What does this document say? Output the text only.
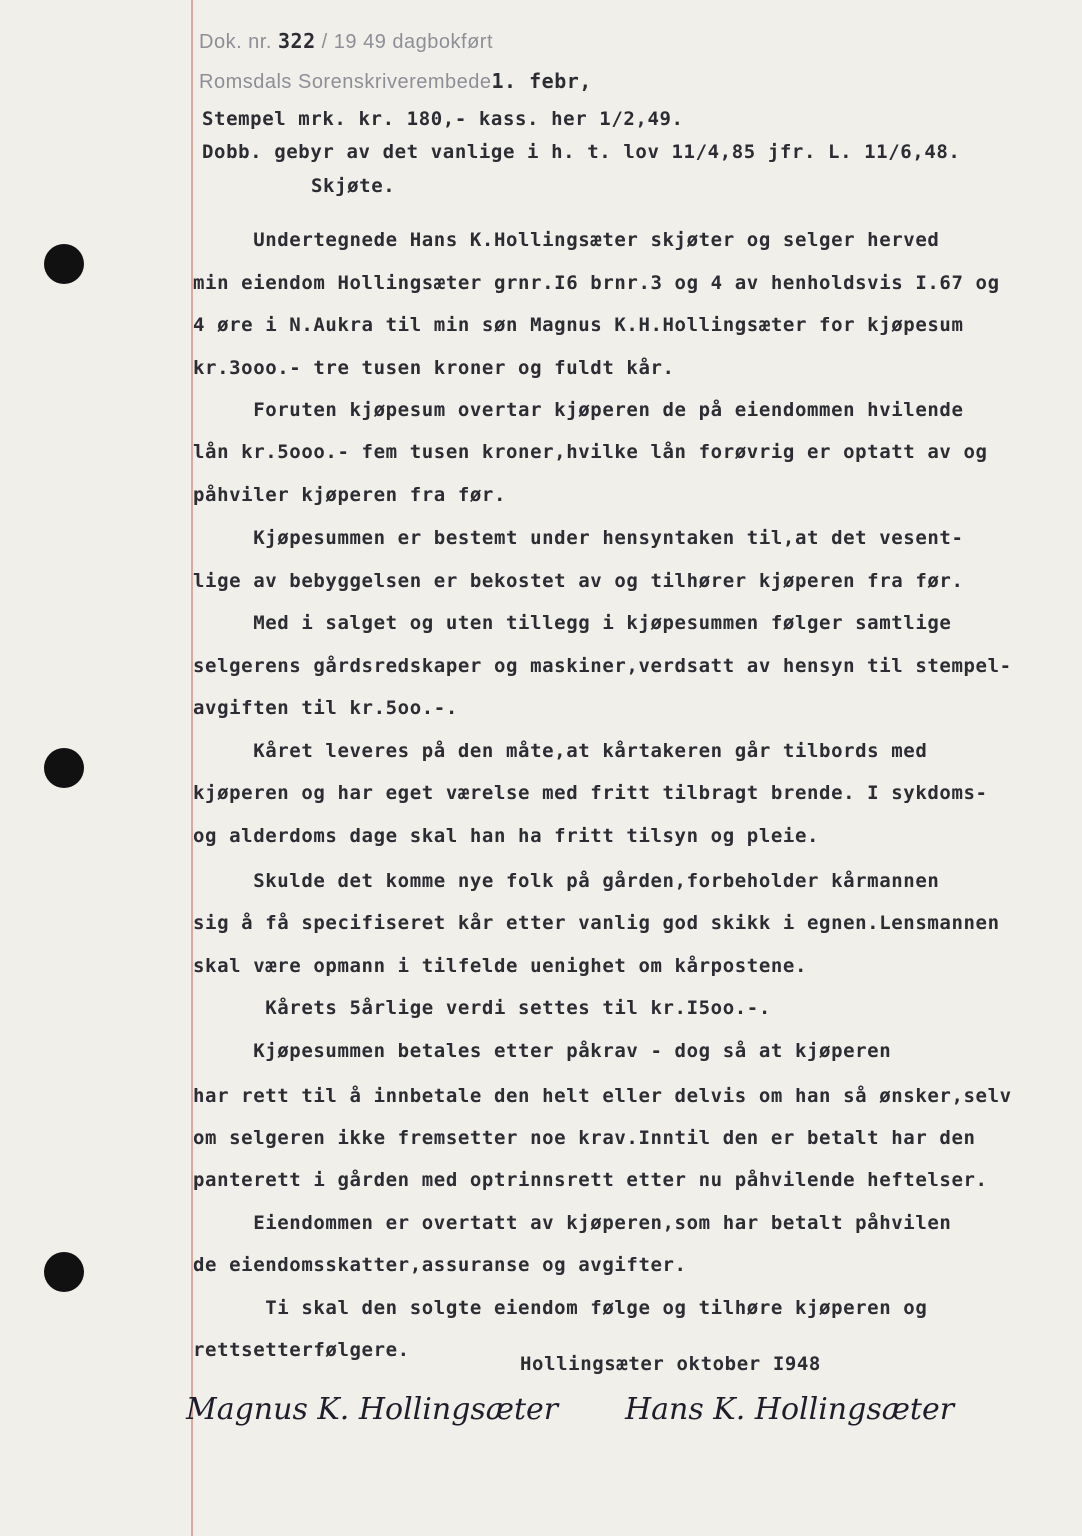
Dok. nr. 322 / 19 49 dagbokført
Romsdals Sorenskriverembede1. febr,
Stempel mrk. kr. 180,- kass. her 1/2,49.
Dobb. gebyr av det vanlige i h. t. lov 11/4,85 jfr. L. 11/6,48.
Skjøte.
Undertegnede Hans K.Hollingsæter skjøter og selger herved
min eiendom Hollingsæter grnr.I6 brnr.3 og 4 av henholdsvis I.67 og
4 øre i N.Aukra til min søn Magnus K.H.Hollingsæter for kjøpesum
kr.3ooo.- tre tusen kroner og fuldt kår.
Foruten kjøpesum overtar kjøperen de på eiendommen hvilende
lån kr.5ooo.- fem tusen kroner,hvilke lån forøvrig er optatt av og
påhviler kjøperen fra før.
Kjøpesummen er bestemt under hensyntaken til,at det vesent-
lige av bebyggelsen er bekostet av og tilhører kjøperen fra før.
Med i salget og uten tillegg i kjøpesummen følger samtlige
selgerens gårdsredskaper og maskiner,verdsatt av hensyn til stempel-
avgiften til kr.5oo.-.
Kåret leveres på den måte,at kårtakeren går tilbords med
kjøperen og har eget værelse med fritt tilbragt brende. I sykdoms-
og alderdoms dage skal han ha fritt tilsyn og pleie.
Skulde det komme nye folk på gården,forbeholder kårmannen
sig å få specifiseret kår etter vanlig god skikk i egnen.Lensmannen
skal være opmann i tilfelde uenighet om kårpostene.
Kårets 5årlige verdi settes til kr.I5oo.-.
Kjøpesummen betales etter påkrav - dog så at kjøperen
har rett til å innbetale den helt eller delvis om han så ønsker,selv
om selgeren ikke fremsetter noe krav.Inntil den er betalt har den
panterett i gården med optrinnsrett etter nu påhvilende heftelser.
Eiendommen er overtatt av kjøperen,som har betalt påhvilen
de eiendomsskatter,assuranse og avgifter.
Ti skal den solgte eiendom følge og tilhøre kjøperen og
rettsetterfølgere.
Hollingsæter oktober I948
Magnus K. Hollingsæter Hans K. Hollingsæter
